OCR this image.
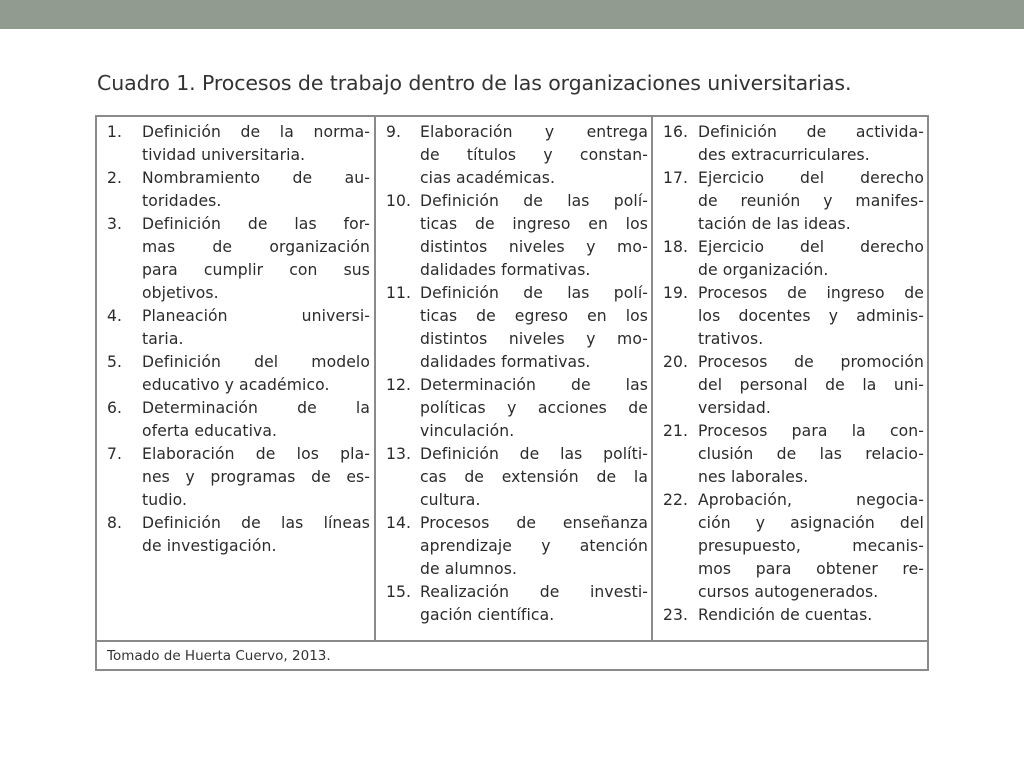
Cuadro 1. Procesos de trabajo dentro de las organizaciones universitarias.
1. Definición de la norma-
tividad universitaria.
2. Nombramiento de au-
toridades.
3. Definición de las for-
mas de organización
para cumplir con sus
objetivos.
4. Planeación universi-
taria.
5. Definición del modelo
educativo y académico.
6. Determinación de la
oferta educativa.
7. Elaboración de los pla-
nes y programas de es-
tudio.
8. Definición de las líneas
de investigación.
9. Elaboración y entrega
de títulos y constan-
cias académicas.
10. Definición de las polí-
ticas de ingreso en los
distintos niveles y mo-
dalidades formativas.
11. Definición de las polí-
ticas de egreso en los
distintos niveles y mo-
dalidades formativas.
12. Determinación de las
políticas y acciones de
vinculación.
13. Definición de las políti-
cas de extensión de la
cultura.
14. Procesos de enseñanza
aprendizaje y atención
de alumnos.
15. Realización de investi-
gación científica.
16. Definición de activida-
des extracurriculares.
17. Ejercicio del derecho
de reunión y manifes-
tación de las ideas.
18. Ejercicio del derecho
de organización.
19. Procesos de ingreso de
los docentes y adminis-
trativos.
20. Procesos de promoción
del personal de la uni-
versidad.
21. Procesos para la con-
clusión de las relacio-
nes laborales.
22. Aprobación, negocia-
ción y asignación del
presupuesto, mecanis-
mos para obtener re-
cursos autogenerados.
23. Rendición de cuentas.
Tomado de Huerta Cuervo, 2013.
